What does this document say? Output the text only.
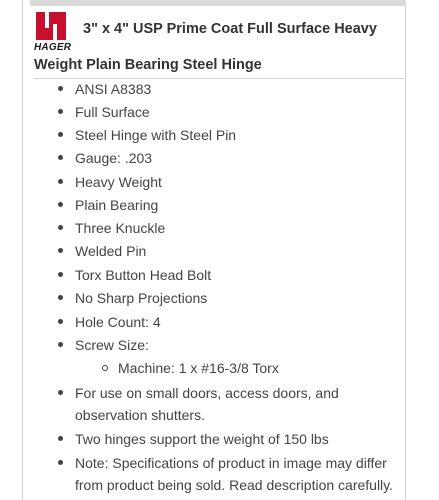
HAGER
3" x 4" USP Prime Coat Full Surface Heavy
Weight Plain Bearing Steel Hinge
ANSI A8383
Full Surface
Steel Hinge with Steel Pin
Gauge: .203
Heavy Weight
Plain Bearing
Three Knuckle
Welded Pin
Torx Button Head Bolt
No Sharp Projections
Hole Count: 4
Screw Size:
Machine: 1 x #16-3/8 Torx
For use on small doors, access doors, and
observation shutters.
Two hinges support the weight of 150 lbs
Note: Specifications of product in image may differ
from product being sold. Read description carefully.
